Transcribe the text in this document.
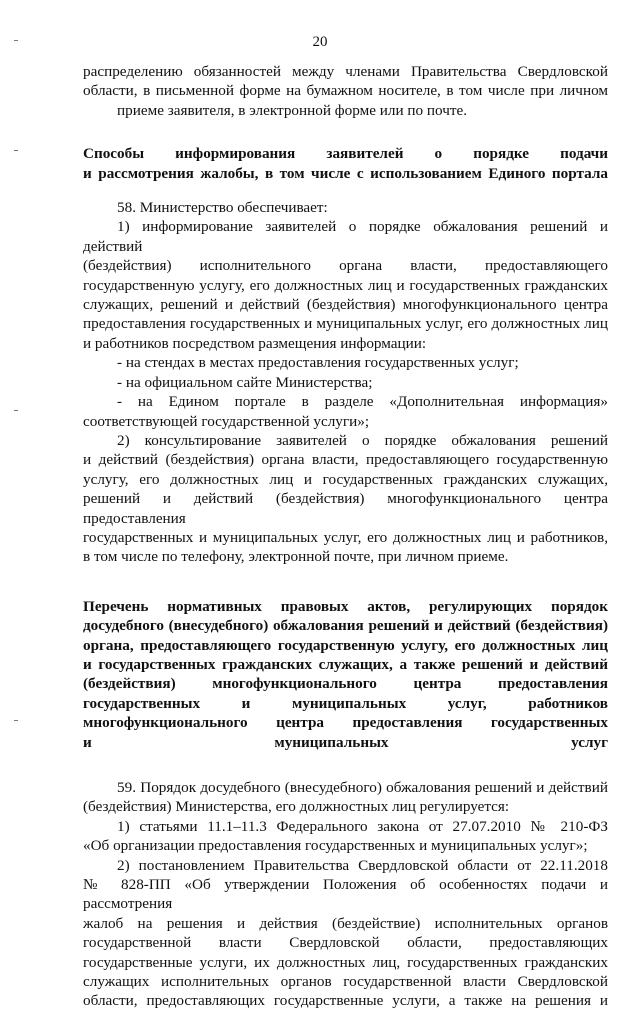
20
распределению обязанностей между членами Правительства Свердловской
области, в письменной форме на бумажном носителе, в том числе при личном
приеме заявителя, в электронной форме или по почте.
Способы информирования заявителей о порядке подачи
и рассмотрения жалобы, в том числе с использованием Единого портала
58. Министерство обеспечивает:
1) информирование заявителей о порядке обжалования решений и действий
(бездействия) исполнительного органа власти, предоставляющего
государственную услугу, его должностных лиц и государственных гражданских
служащих, решений и действий (бездействия) многофункционального центра
предоставления государственных и муниципальных услуг, его должностных лиц
и работников посредством размещения информации:
- на стендах в местах предоставления государственных услуг;
- на официальном сайте Министерства;
- на Едином портале в разделе «Дополнительная информация»
соответствующей государственной услуги»;
2) консультирование заявителей о порядке обжалования решений
и действий (бездействия) органа власти, предоставляющего государственную
услугу, его должностных лиц и государственных гражданских служащих,
решений и действий (бездействия) многофункционального центра предоставления
государственных и муниципальных услуг, его должностных лиц и работников,
в том числе по телефону, электронной почте, при личном приеме.
Перечень нормативных правовых актов, регулирующих порядок
досудебного (внесудебного) обжалования решений и действий (бездействия)
органа, предоставляющего государственную услугу, его должностных лиц
и государственных гражданских служащих, а также решений и действий
(бездействия) многофункционального центра предоставления
государственных и муниципальных услуг, работников
многофункционального центра предоставления государственных
и муниципальных услуг
59. Порядок досудебного (внесудебного) обжалования решений и действий
(бездействия) Министерства, его должностных лиц регулируется:
1) статьями 11.1–11.3 Федерального закона от 27.07.2010 № 210-ФЗ
«Об организации предоставления государственных и муниципальных услуг»;
2) постановлением Правительства Свердловской области от 22.11.2018
№ 828-ПП «Об утверждении Положения об особенностях подачи и рассмотрения
жалоб на решения и действия (бездействие) исполнительных органов
государственной власти Свердловской области, предоставляющих
государственные услуги, их должностных лиц, государственных гражданских
служащих исполнительных органов государственной власти Свердловской
области, предоставляющих государственные услуги, а также на решения и
